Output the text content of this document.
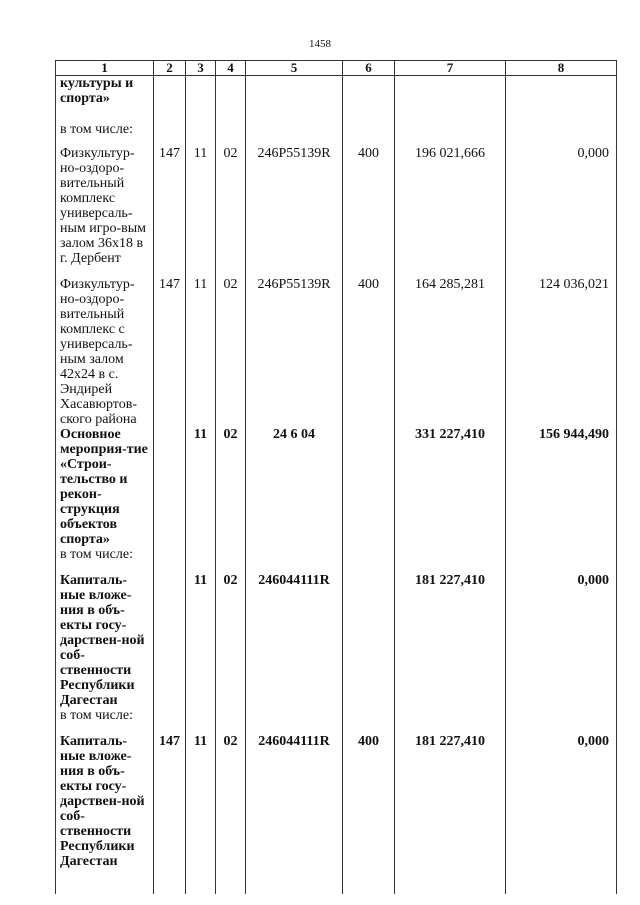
1458
1	2	3	4	5	6	7	8
культуры и спорта»							
в том числе:							
Физкультур-но-оздоро-вительный комплекс универсаль-ным игро-вым залом 36х18 в г. Дербент	147	11	02	246Р55139R	400	196 021,666	0,000
Физкультур-но-оздоро-вительный комплекс с универсаль-ным залом 42х24 в с. Эндирей Хасавюртов-ского района	147	11	02	246Р55139R	400	164 285,281	124 036,021
Основное мероприя-тие «Строи-тельство и рекон-струкция объектов спорта»		11	02	24 6 04		331 227,410	156 944,490
в том числе:							
Капиталь-ные вложе-ния в объ-екты госу-дарствен-ной соб-ственности Республики Дагестан		11	02	246044111R		181 227,410	0,000
в том числе:							
Капиталь-ные вложе-ния в объ-екты госу-дарствен-ной соб-ственности Республики Дагестан	147	11	02	246044111R	400	181 227,410	0,000
